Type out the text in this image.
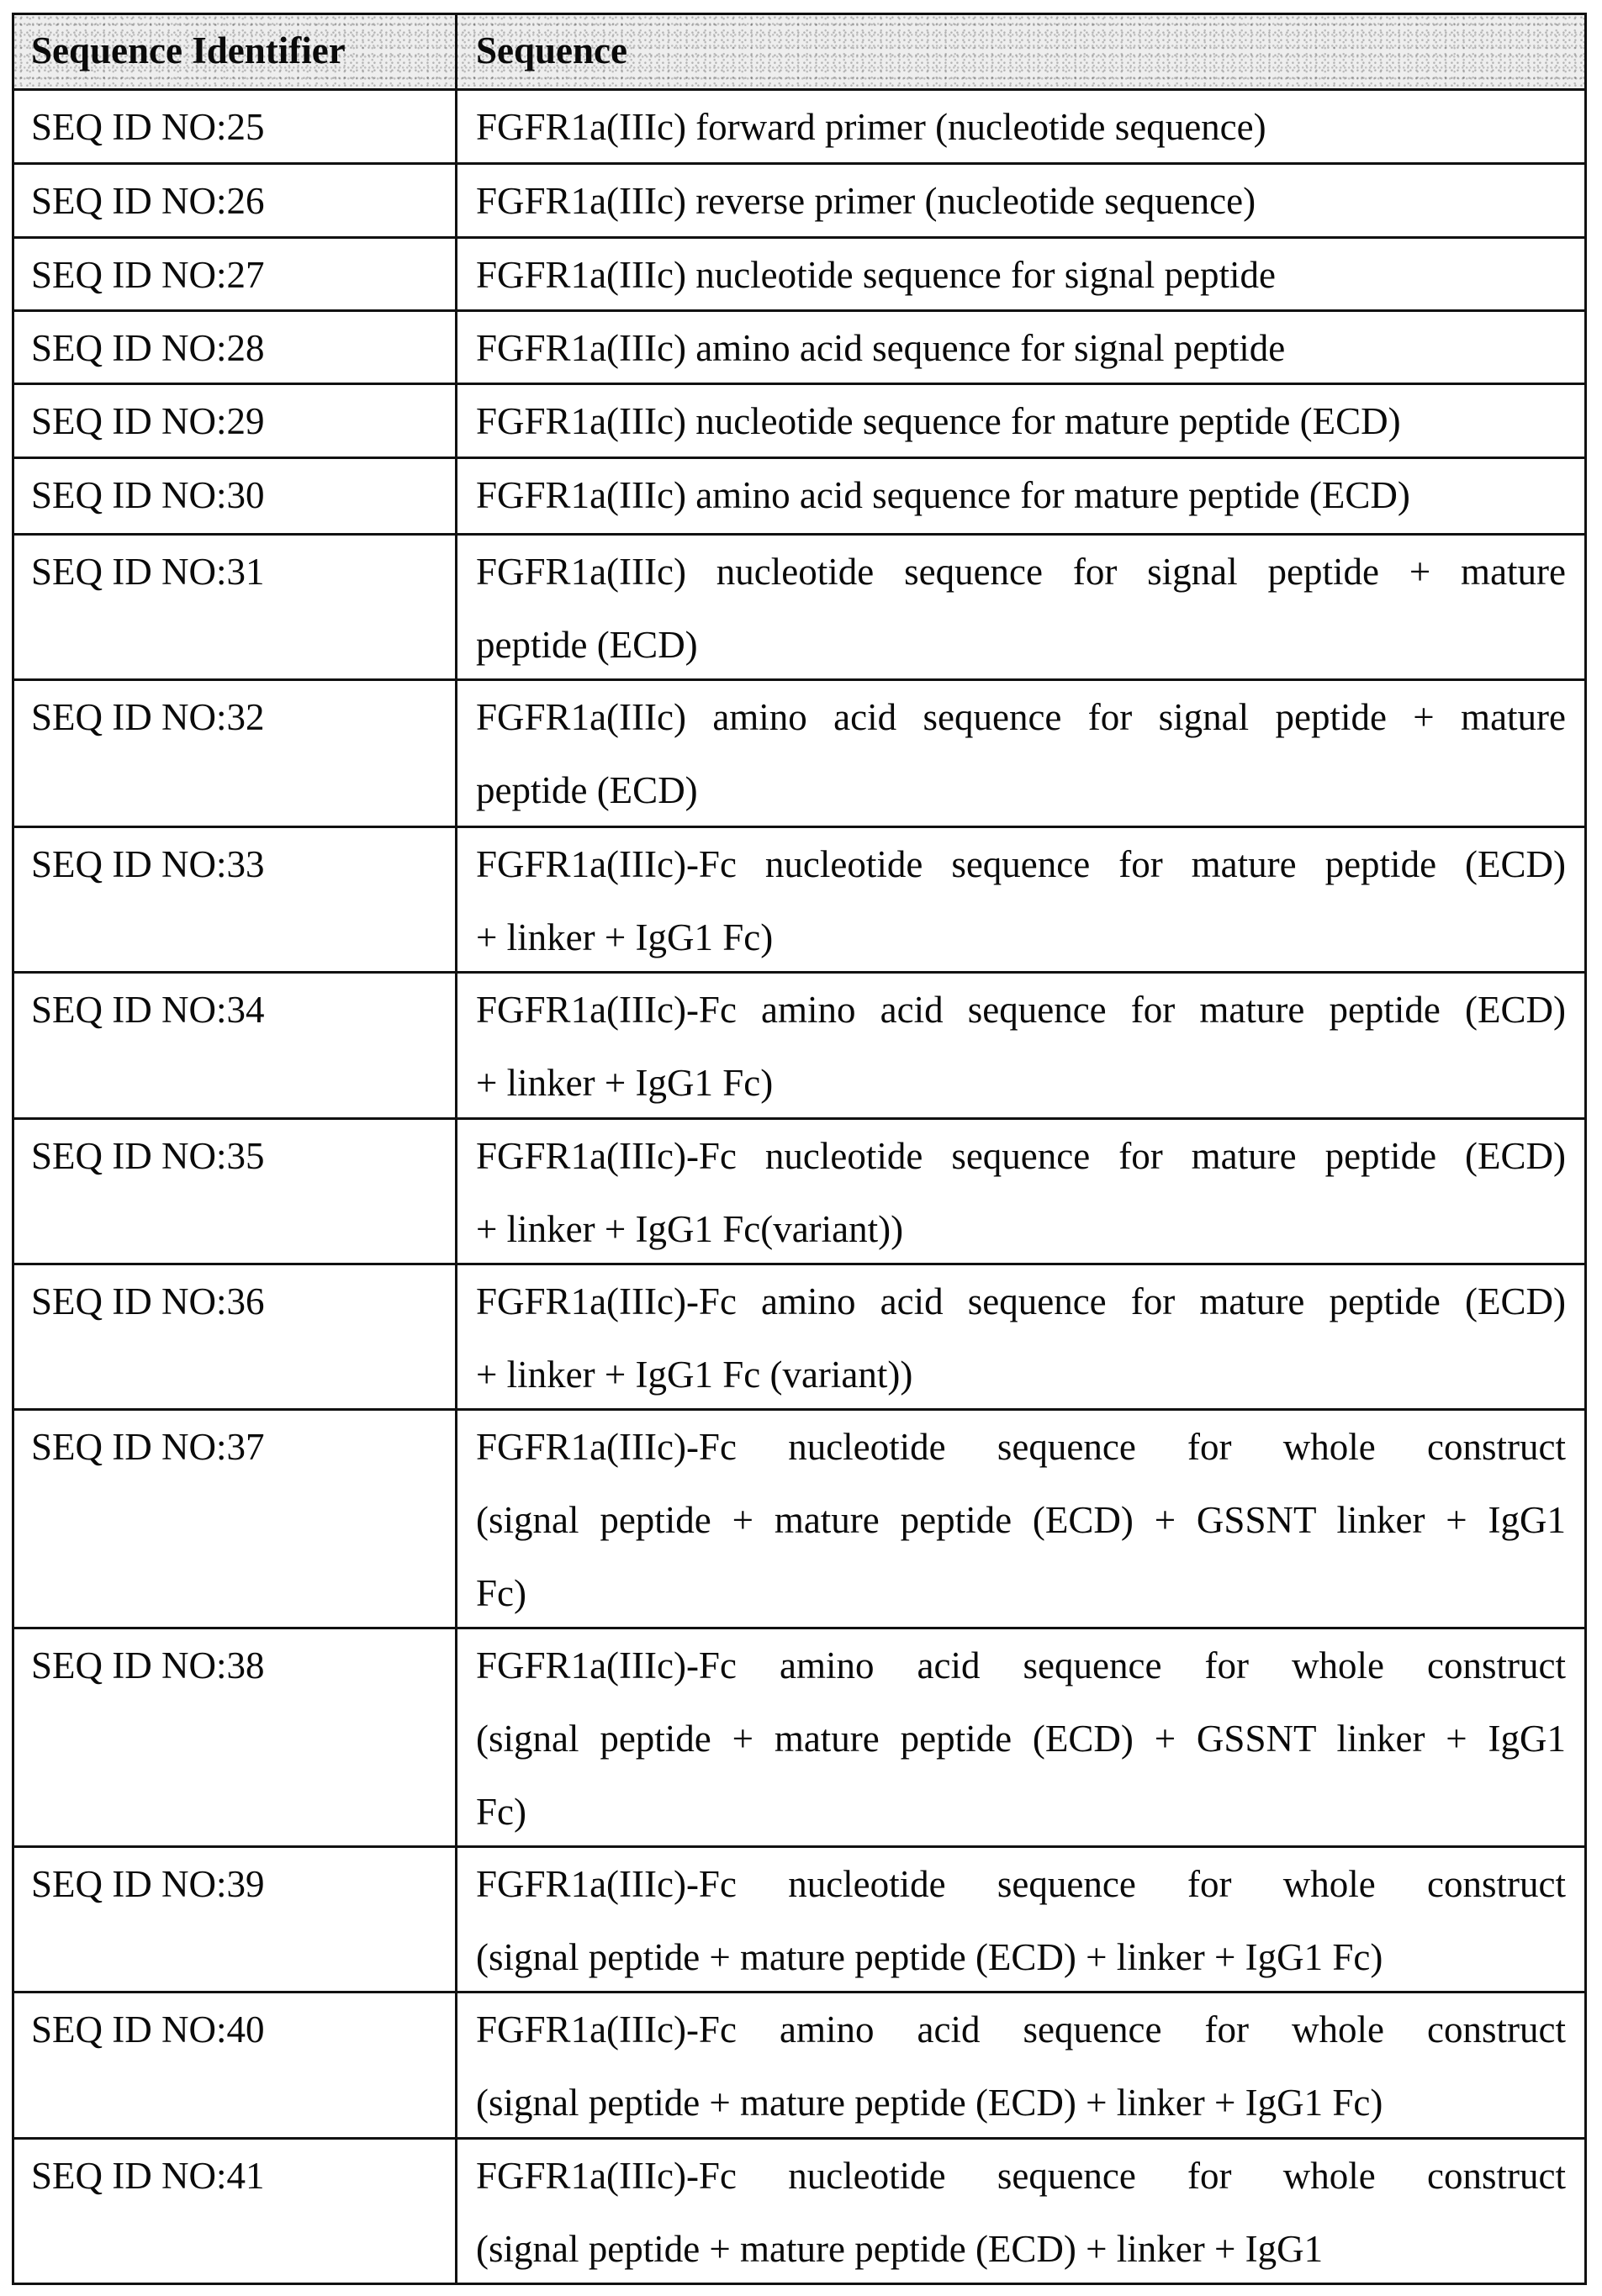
Sequence Identifier	Sequence
SEQ ID NO:25	FGFR1a(IIIc) forward primer (nucleotide sequence)
SEQ ID NO:26	FGFR1a(IIIc) reverse primer (nucleotide sequence)
SEQ ID NO:27	FGFR1a(IIIc) nucleotide sequence for signal peptide
SEQ ID NO:28	FGFR1a(IIIc) amino acid sequence for signal peptide
SEQ ID NO:29	FGFR1a(IIIc) nucleotide sequence for mature peptide (ECD)
SEQ ID NO:30	FGFR1a(IIIc) amino acid sequence for mature peptide (ECD)
SEQ ID NO:31	FGFR1a(IIIc) nucleotide sequence for signal peptide + mature
peptide (ECD)
SEQ ID NO:32	FGFR1a(IIIc) amino acid sequence for signal peptide + mature
peptide (ECD)
SEQ ID NO:33	FGFR1a(IIIc)-Fc nucleotide sequence for mature peptide (ECD)
+ linker + IgG1 Fc)
SEQ ID NO:34	FGFR1a(IIIc)-Fc amino acid sequence for mature peptide (ECD)
+ linker + IgG1 Fc)
SEQ ID NO:35	FGFR1a(IIIc)-Fc nucleotide sequence for mature peptide (ECD)
+ linker + IgG1 Fc(variant))
SEQ ID NO:36	FGFR1a(IIIc)-Fc amino acid sequence for mature peptide (ECD)
+ linker + IgG1 Fc (variant))
SEQ ID NO:37	FGFR1a(IIIc)-Fc nucleotide sequence for whole construct
(signal peptide + mature peptide (ECD) + GSSNT linker + IgG1
Fc)
SEQ ID NO:38	FGFR1a(IIIc)-Fc amino acid sequence for whole construct
(signal peptide + mature peptide (ECD) + GSSNT linker + IgG1
Fc)
SEQ ID NO:39	FGFR1a(IIIc)-Fc nucleotide sequence for whole construct
(signal peptide + mature peptide (ECD) + linker + IgG1 Fc)
SEQ ID NO:40	FGFR1a(IIIc)-Fc amino acid sequence for whole construct
(signal peptide + mature peptide (ECD) + linker + IgG1 Fc)
SEQ ID NO:41	FGFR1a(IIIc)-Fc nucleotide sequence for whole construct
(signal peptide + mature peptide (ECD) + linker + IgG1
